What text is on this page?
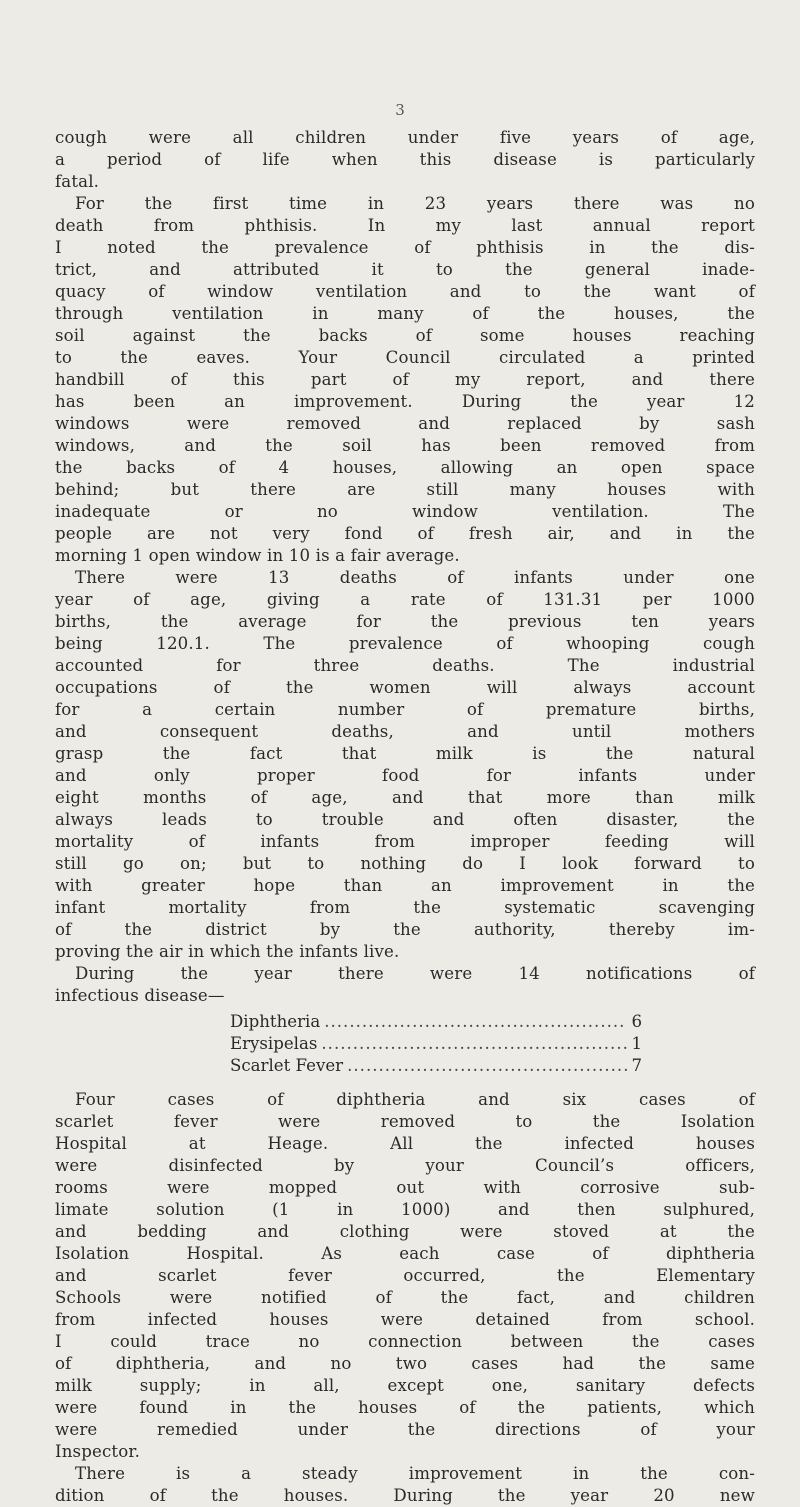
3
cough were all children under five years of age,
a period of life when this disease is particularly
fatal.
For the first time in 23 years there was no
death from phthisis. In my last annual report
I noted the prevalence of phthisis in the dis-
trict, and attributed it to the general inade-
quacy of window ventilation and to the want of
through ventilation in many of the houses, the
soil against the backs of some houses reaching
to the eaves. Your Council circulated a printed
handbill of this part of my report, and there
has been an improvement. During the year 12
windows were removed and replaced by sash
windows, and the soil has been removed from
the backs of 4 houses, allowing an open space
behind; but there are still many houses with
inadequate or no window ventilation. The
people are not very fond of fresh air, and in the
morning 1 open window in 10 is a fair average.
There were 13 deaths of infants under one
year of age, giving a rate of 131.31 per 1000
births, the average for the previous ten years
being 120.1. The prevalence of whooping cough
accounted for three deaths. The industrial
occupations of the women will always account
for a certain number of premature births,
and consequent deaths, and until mothers
grasp the fact that milk is the natural
and only proper food for infants under
eight months of age, and that more than milk
always leads to trouble and often disaster, the
mortality of infants from improper feeding will
still go on; but to nothing do I look forward to
with greater hope than an improvement in the
infant mortality from the systematic scavenging
of the district by the authority, thereby im-
proving the air in which the infants live.
During the year there were 14 notifications of
infectious disease—
Diphtheria .....	6
Erysipelas .....	1
Scarlet Fever .....	7
Four cases of diphtheria and six cases of
scarlet fever were removed to the Isolation
Hospital at Heage. All the infected houses
were disinfected by your Council’s officers,
rooms were mopped out with corrosive sub-
limate solution (1 in 1000) and then sulphured,
and bedding and clothing were stoved at the
Isolation Hospital. As each case of diphtheria
and scarlet fever occurred, the Elementary
Schools were notified of the fact, and children
from infected houses were detained from school.
I could trace no connection between the cases
of diphtheria, and no two cases had the same
milk supply; in all, except one, sanitary defects
were found in the houses of the patients, which
were remedied under the directions of your
Inspector.
There is a steady improvement in the con-
dition of the houses. During the year 20 new
